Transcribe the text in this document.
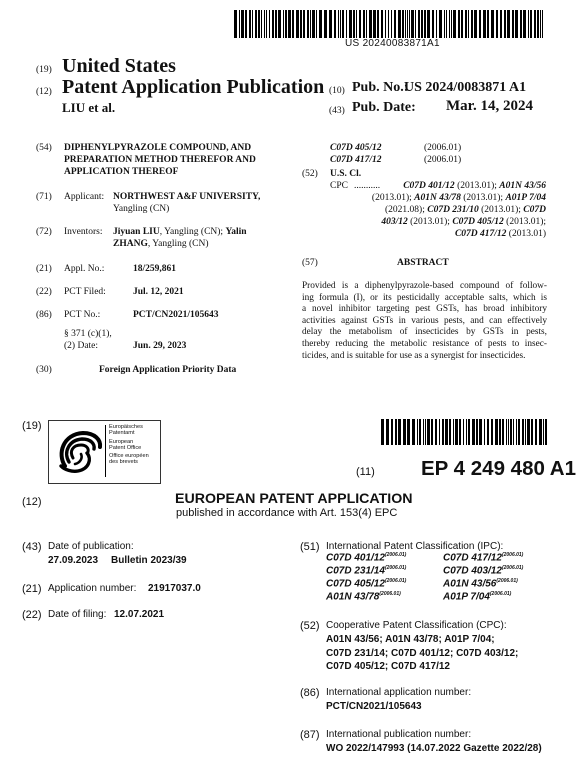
US 20240083871A1
(19) United States
(12) Patent Application Publication
LIU et al.
(10) Pub. No.:
US 2024/0083871 A1
(43) Pub. Date: Mar. 14, 2024
(54) DIPHENYLPYRAZOLE COMPOUND, AND
PREPARATION METHOD THEREFOR AND
APPLICATION THEREOF
(71) Applicant: NORTHWEST A&F UNIVERSITY,
Yangling (CN)
(72) Inventors: Jiyuan LIU, Yangling (CN); Yalin
ZHANG, Yangling (CN)
(21) Appl. No.:	18/259,861
(22) PCT Filed:	Jul. 12, 2021
(86) PCT No.:	PCT/CN2021/105643
§ 371 (c)(1),
(2) Date:	Jun. 29, 2023
(30)	Foreign Application Priority Data
C07D 405/12	(2006.01)
C07D 417/12	(2006.01)
(52) U.S. Cl.
CPC ...........	C07D 401/12 (2013.01); A01N 43/56
(2013.01); A01N 43/78 (2013.01); A01P 7/04
(2021.08); C07D 231/10 (2013.01); C07D
403/12 (2013.01); C07D 405/12 (2013.01);
C07D 417/12 (2013.01)
(57)	ABSTRACT
Provided is a diphenylpyrazole-based compound of follow-
ing formula (I), or its pesticidally acceptable salts, which is
a novel inhibitor targeting pest GSTs, has broad inhibitory
activities against GSTs in various pests, and can effectively
delay the metabolism of insecticides by GSTs in pests,
thereby reducing the metabolic resistance of pests to insec-
ticides, and is suitable for use as a synergist for insecticides.
(19)	Europäisches
Patentamt
European
Patent Office
Office européen
des brevets
(11) EP 4 249 480 A1
(12)	EUROPEAN PATENT APPLICATION
published in accordance with Art. 153(4) EPC
(43) Date of publication:
27.09.2023 Bulletin 2023/39
(21) Application number: 21917037.0
(22) Date of filing: 12.07.2021
(51) International Patent Classification (IPC):
C07D $401/12^{(2006.01)}$	C07D $417/12^{(2006.01)}$
C07D $231/14^{(2006.01)}$	C07D $403/12^{(2006.01)}$
C07D $405/12^{(2006.01)}$	A01N $43/56^{(2006.01)}$
A01N $43/78^{(2006.01)}$	A01P $7/04^{(2006.01)}$
(52) Cooperative Patent Classification (CPC):
A01N 43/56; A01N 43/78; A01P 7/04;
C07D 231/14; C07D 401/12; C07D 403/12;
C07D 405/12; C07D 417/12
(86) International application number:
PCT/CN2021/105643
(87) International publication number:
WO 2022/147993 (14.07.2022 Gazette 2022/28)
